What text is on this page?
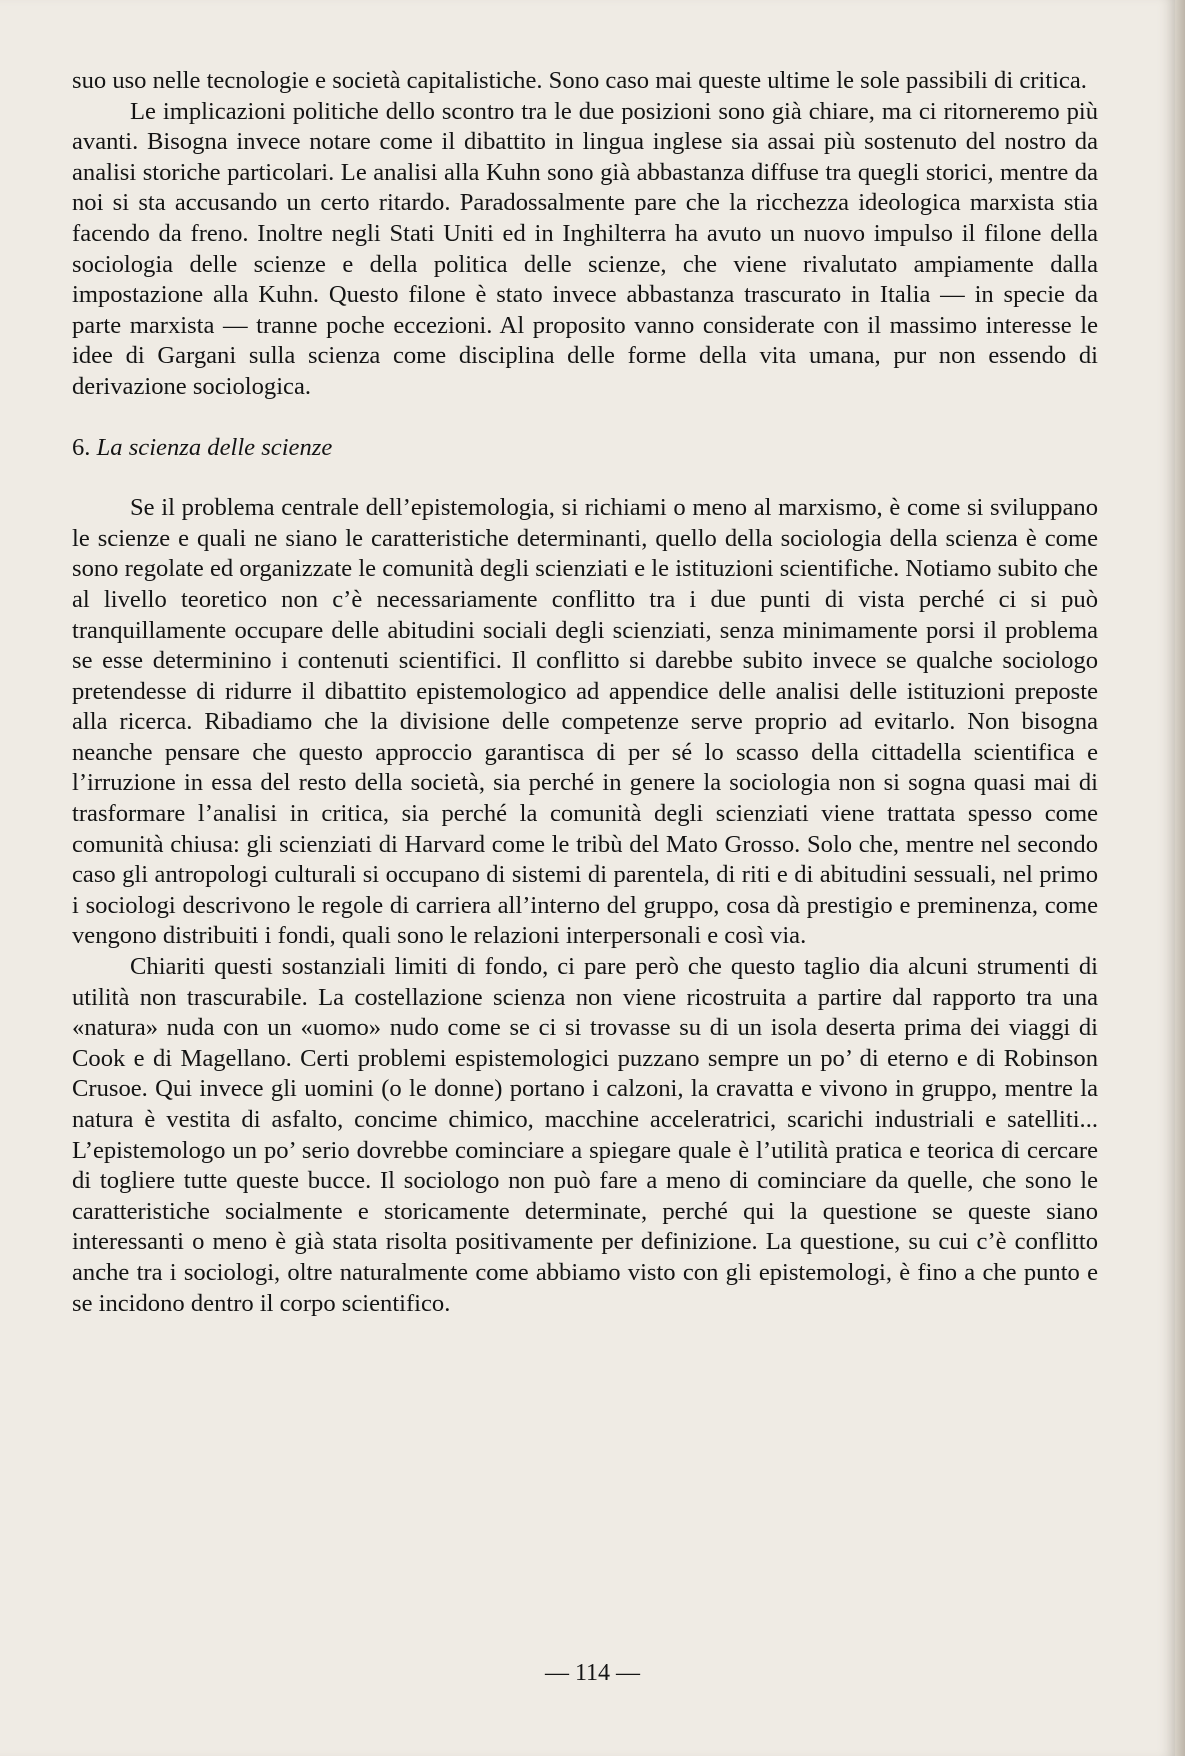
suo uso nelle tecnologie e società capitalistiche. Sono caso mai queste ultime le sole passibili di critica.

Le implicazioni politiche dello scontro tra le due posizioni sono già chiare, ma ci ritorneremo più avanti. Bisogna invece notare come il dibattito in lingua inglese sia assai più sostenuto del nostro da analisi storiche particolari. Le analisi alla Kuhn sono già abbastanza diffuse tra quegli storici, mentre da noi si sta accusando un certo ritardo. Paradossalmente pare che la ricchezza ideologica marxista stia facendo da freno. Inoltre negli Stati Uniti ed in Inghilterra ha avuto un nuovo impulso il filone della sociologia delle scienze e della politica delle scienze, che viene rivalutato ampiamente dalla impostazione alla Kuhn. Questo filone è stato invece abbastanza trascurato in Italia — in specie da parte marxista — tranne poche eccezioni. Al proposito vanno considerate con il massimo interesse le idee di Gargani sulla scienza come disciplina delle forme della vita umana, pur non essendo di derivazione sociologica.

6. La scienza delle scienze

Se il problema centrale dell’epistemologia, si richiami o meno al marxismo, è come si sviluppano le scienze e quali ne siano le caratteristiche determinanti, quello della sociologia della scienza è come sono regolate ed organizzate le comunità degli scienziati e le istituzioni scientifiche. Notiamo subito che al livello teoretico non c’è necessariamente conflitto tra i due punti di vista perché ci si può tranquillamente occupare delle abitudini sociali degli scienziati, senza minimamente porsi il problema se esse determinino i contenuti scientifici. Il conflitto si darebbe subito invece se qualche sociologo pretendesse di ridurre il dibattito epistemologico ad appendice delle analisi delle istituzioni preposte alla ricerca. Ribadiamo che la divisione delle competenze serve proprio ad evitarlo. Non bisogna neanche pensare che questo approccio garantisca di per sé lo scasso della cittadella scientifica e l’irruzione in essa del resto della società, sia perché in genere la sociologia non si sogna quasi mai di trasformare l’analisi in critica, sia perché la comunità degli scienziati viene trattata spesso come comunità chiusa: gli scienziati di Harvard come le tribù del Mato Grosso. Solo che, mentre nel secondo caso gli antropologi culturali si occupano di sistemi di parentela, di riti e di abitudini sessuali, nel primo i sociologi descrivono le regole di carriera all’interno del gruppo, cosa dà prestigio e preminenza, come vengono distribuiti i fondi, quali sono le relazioni interpersonali e così via.

Chiariti questi sostanziali limiti di fondo, ci pare però che questo taglio dia alcuni strumenti di utilità non trascurabile. La costellazione scienza non viene ricostruita a partire dal rapporto tra una «natura» nuda con un «uomo» nudo come se ci si trovasse su di un isola deserta prima dei viaggi di Cook e di Magellano. Certi problemi espistemologici puzzano sempre un po’ di eterno e di Robinson Crusoe. Qui invece gli uomini (o le donne) portano i calzoni, la cravatta e vivono in gruppo, mentre la natura è vestita di asfalto, concime chimico, macchine acceleratrici, scarichi industriali e satelliti... L’epistemologo un po’ serio dovrebbe cominciare a spiegare quale è l’utilità pratica e teorica di cercare di togliere tutte queste bucce. Il sociologo non può fare a meno di cominciare da quelle, che sono le caratteristiche socialmente e storicamente determinate, perché qui la questione se queste siano interessanti o meno è già stata risolta positivamente per definizione. La questione, su cui c’è conflitto anche tra i sociologi, oltre naturalmente come abbiamo visto con gli epistemologi, è fino a che punto e se incidono dentro il corpo scientifico.

— 114 —
